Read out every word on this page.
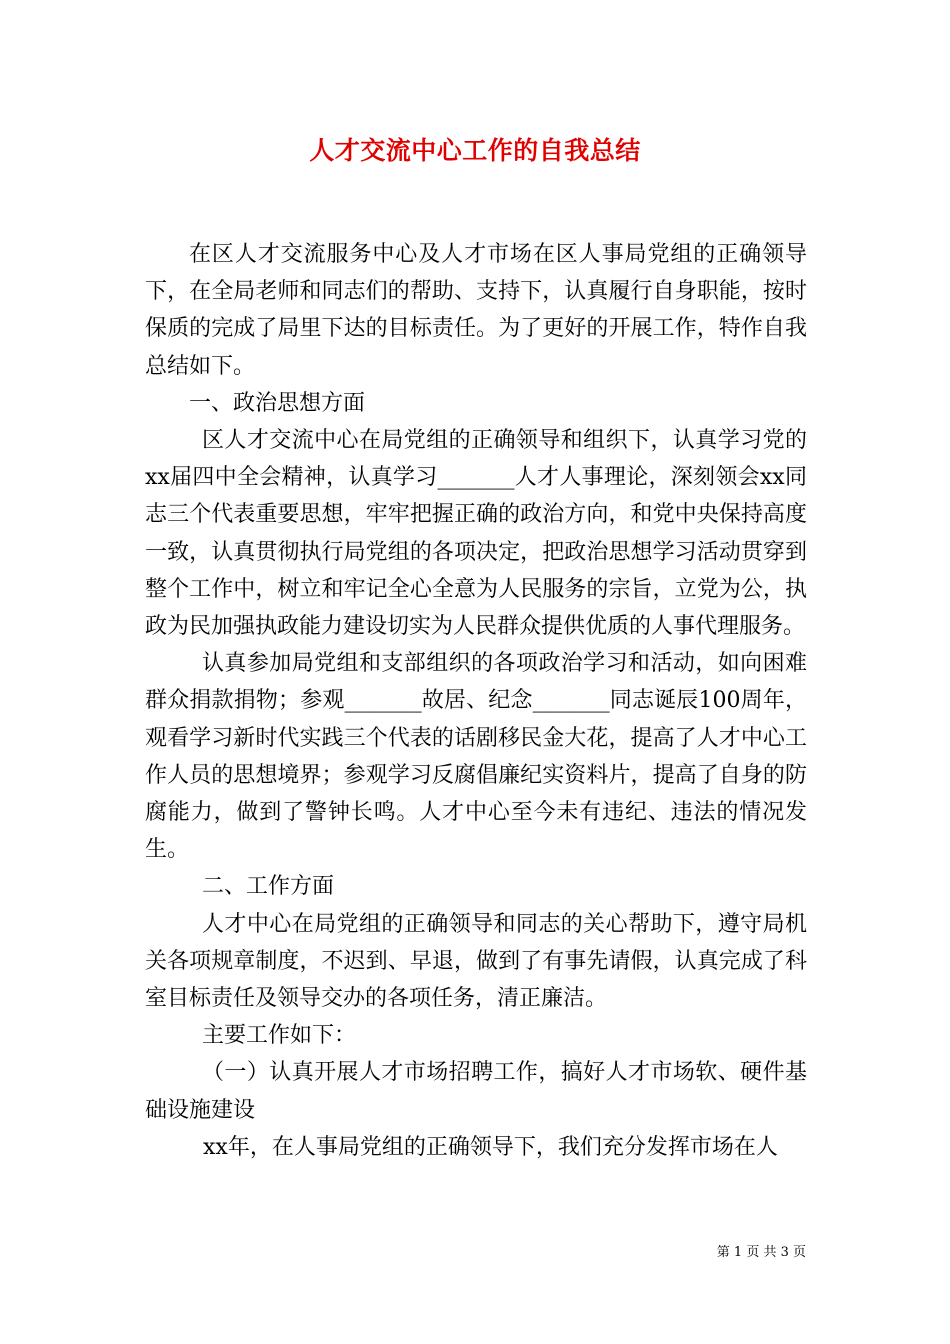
人才交流中心工作的自我总结

在区人才交流服务中心及人才市场在区人事局党组的正确领导下，在全局老师和同志们的帮助、支持下，认真履行自身职能，按时保质的完成了局里下达的目标责任。为了更好的开展工作，特作自我总结如下。

一、政治思想方面

区人才交流中心在局党组的正确领导和组织下，认真学习党的xx届四中全会精神，认真学习_______人才人事理论，深刻领会xx同志三个代表重要思想，牢牢把握正确的政治方向，和党中央保持高度一致，认真贯彻执行局党组的各项决定，把政治思想学习活动贯穿到整个工作中，树立和牢记全心全意为人民服务的宗旨，立党为公，执政为民加强执政能力建设切实为人民群众提供优质的人事代理服务。

认真参加局党组和支部组织的各项政治学习和活动，如向困难群众捐款捐物；参观_______故居、纪念_______同志诞辰100周年，观看学习新时代实践三个代表的话剧移民金大花，提高了人才中心工作人员的思想境界；参观学习反腐倡廉纪实资料片，提高了自身的防腐能力，做到了警钟长鸣。人才中心至今未有违纪、违法的情况发生。

二、工作方面

人才中心在局党组的正确领导和同志的关心帮助下，遵守局机关各项规章制度，不迟到、早退，做到了有事先请假，认真完成了科室目标责任及领导交办的各项任务，清正廉洁。

主要工作如下：

（一）认真开展人才市场招聘工作，搞好人才市场软、硬件基础设施建设

xx年，在人事局党组的正确领导下，我们充分发挥市场在人

第 1 页 共 3 页
